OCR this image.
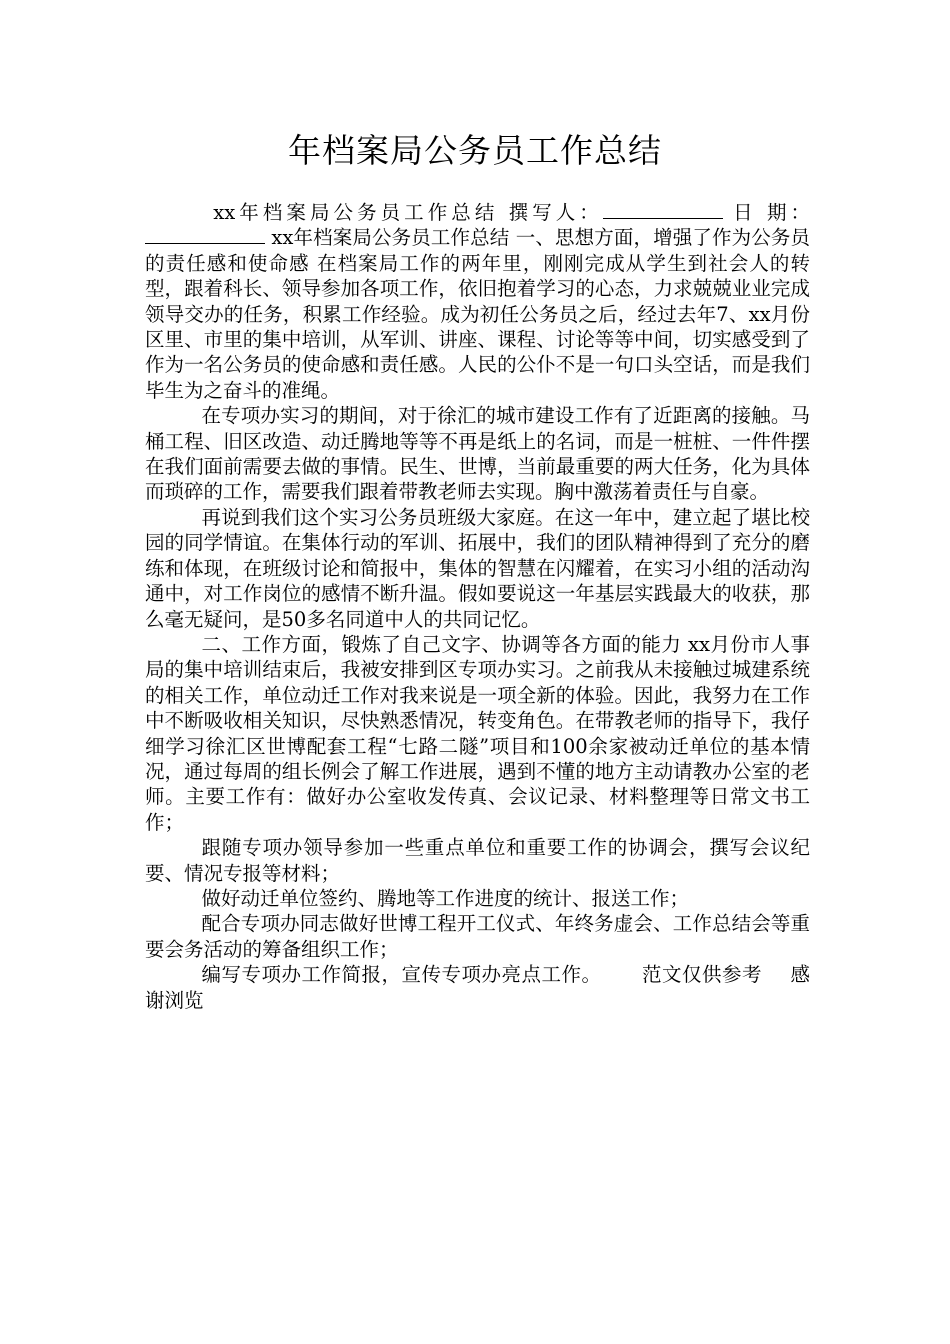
年档案局公务员工作总结

xx年档案局公务员工作总结 撰写人：	日 期： xx年档案局公务员工作总结 一、思想方面，增强了作为公务员的责任感和使命感 在档案局工作的两年里，刚刚完成从学生到社会人的转型，跟着科长、领导参加各项工作，依旧抱着学习的心态，力求兢兢业业完成领导交办的任务，积累工作经验。成为初任公务员之后，经过去年7、xx月份区里、市里的集中培训，从军训、讲座、课程、讨论等等中间，切实感受到了作为一名公务员的使命感和责任感。人民的公仆不是一句口头空话，而是我们毕生为之奋斗的准绳。

在专项办实习的期间，对于徐汇的城市建设工作有了近距离的接触。马桶工程、旧区改造、动迁腾地等等不再是纸上的名词，而是一桩桩、一件件摆在我们面前需要去做的事情。民生、世博，当前最重要的两大任务，化为具体而琐碎的工作，需要我们跟着带教老师去实现。胸中激荡着责任与自豪。

再说到我们这个实习公务员班级大家庭。在这一年中，建立起了堪比校园的同学情谊。在集体行动的军训、拓展中，我们的团队精神得到了充分的磨练和体现，在班级讨论和简报中，集体的智慧在闪耀着，在实习小组的活动沟通中，对工作岗位的感情不断升温。假如要说这一年基层实践最大的收获，那么毫无疑问，是50多名同道中人的共同记忆。

二、工作方面，锻炼了自己文字、协调等各方面的能力 xx月份市人事局的集中培训结束后，我被安排到区专项办实习。之前我从未接触过城建系统的相关工作，单位动迁工作对我来说是一项全新的体验。因此，我努力在工作中不断吸收相关知识，尽快熟悉情况，转变角色。在带教老师的指导下，我仔细学习徐汇区世博配套工程“七路二隧”项目和100余家被动迁单位的基本情况，通过每周的组长例会了解工作进展，遇到不懂的地方主动请教办公室的老师。主要工作有：做好办公室收发传真、会议记录、材料整理等日常文书工作；

跟随专项办领导参加一些重点单位和重要工作的协调会，撰写会议纪要、情况专报等材料；

做好动迁单位签约、腾地等工作进度的统计、报送工作；

配合专项办同志做好世博工程开工仪式、年终务虚会、工作总结会等重要会务活动的筹备组织工作；

编写专项办工作简报，宣传专项办亮点工作。 范文仅供参考 感谢浏览
